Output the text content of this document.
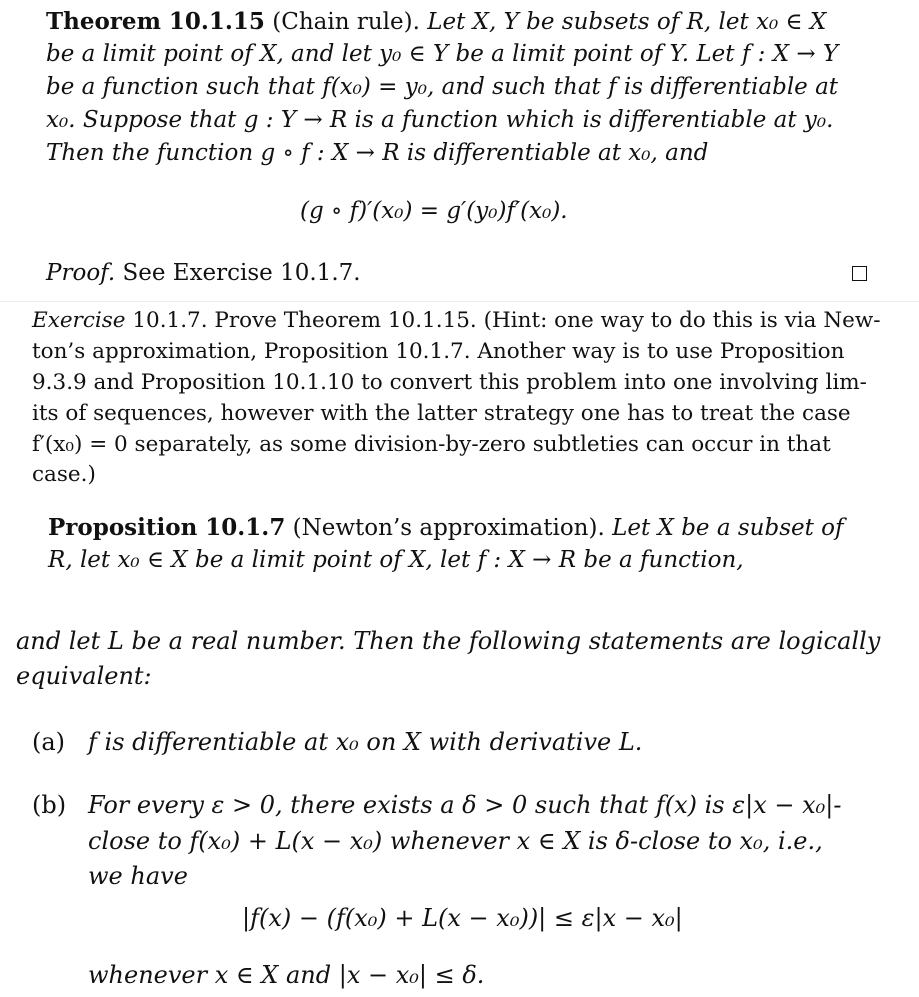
Theorem 10.1.15 (Chain rule). Let X, Y be subsets of R, let x₀ ∈ X
be a limit point of X, and let y₀ ∈ Y be a limit point of Y. Let f : X → Y
be a function such that f(x₀) = y₀, and such that f is differentiable at
x₀. Suppose that g : Y → R is a function which is differentiable at y₀.
Then the function g ∘ f : X → R is differentiable at x₀, and
(g ∘ f)′(x₀) = g′(y₀)f′(x₀).
Proof. See Exercise 10.1.7.
Exercise 10.1.7. Prove Theorem 10.1.15. (Hint: one way to do this is via New-
ton’s approximation, Proposition 10.1.7. Another way is to use Proposition
9.3.9 and Proposition 10.1.10 to convert this problem into one involving lim-
its of sequences, however with the latter strategy one has to treat the case
f′(x₀) = 0 separately, as some division-by-zero subtleties can occur in that
case.)
Proposition 10.1.7 (Newton’s approximation). Let X be a subset of
R, let x₀ ∈ X be a limit point of X, let f : X → R be a function,
and let L be a real number. Then the following statements are logically
equivalent:
(a) f is differentiable at x₀ on X with derivative L.
(b) For every ε > 0, there exists a δ > 0 such that f(x) is ε|x − x₀|-
close to f(x₀) + L(x − x₀) whenever x ∈ X is δ-close to x₀, i.e.,
we have
|f(x) − (f(x₀) + L(x − x₀))| ≤ ε|x − x₀|
whenever x ∈ X and |x − x₀| ≤ δ.
